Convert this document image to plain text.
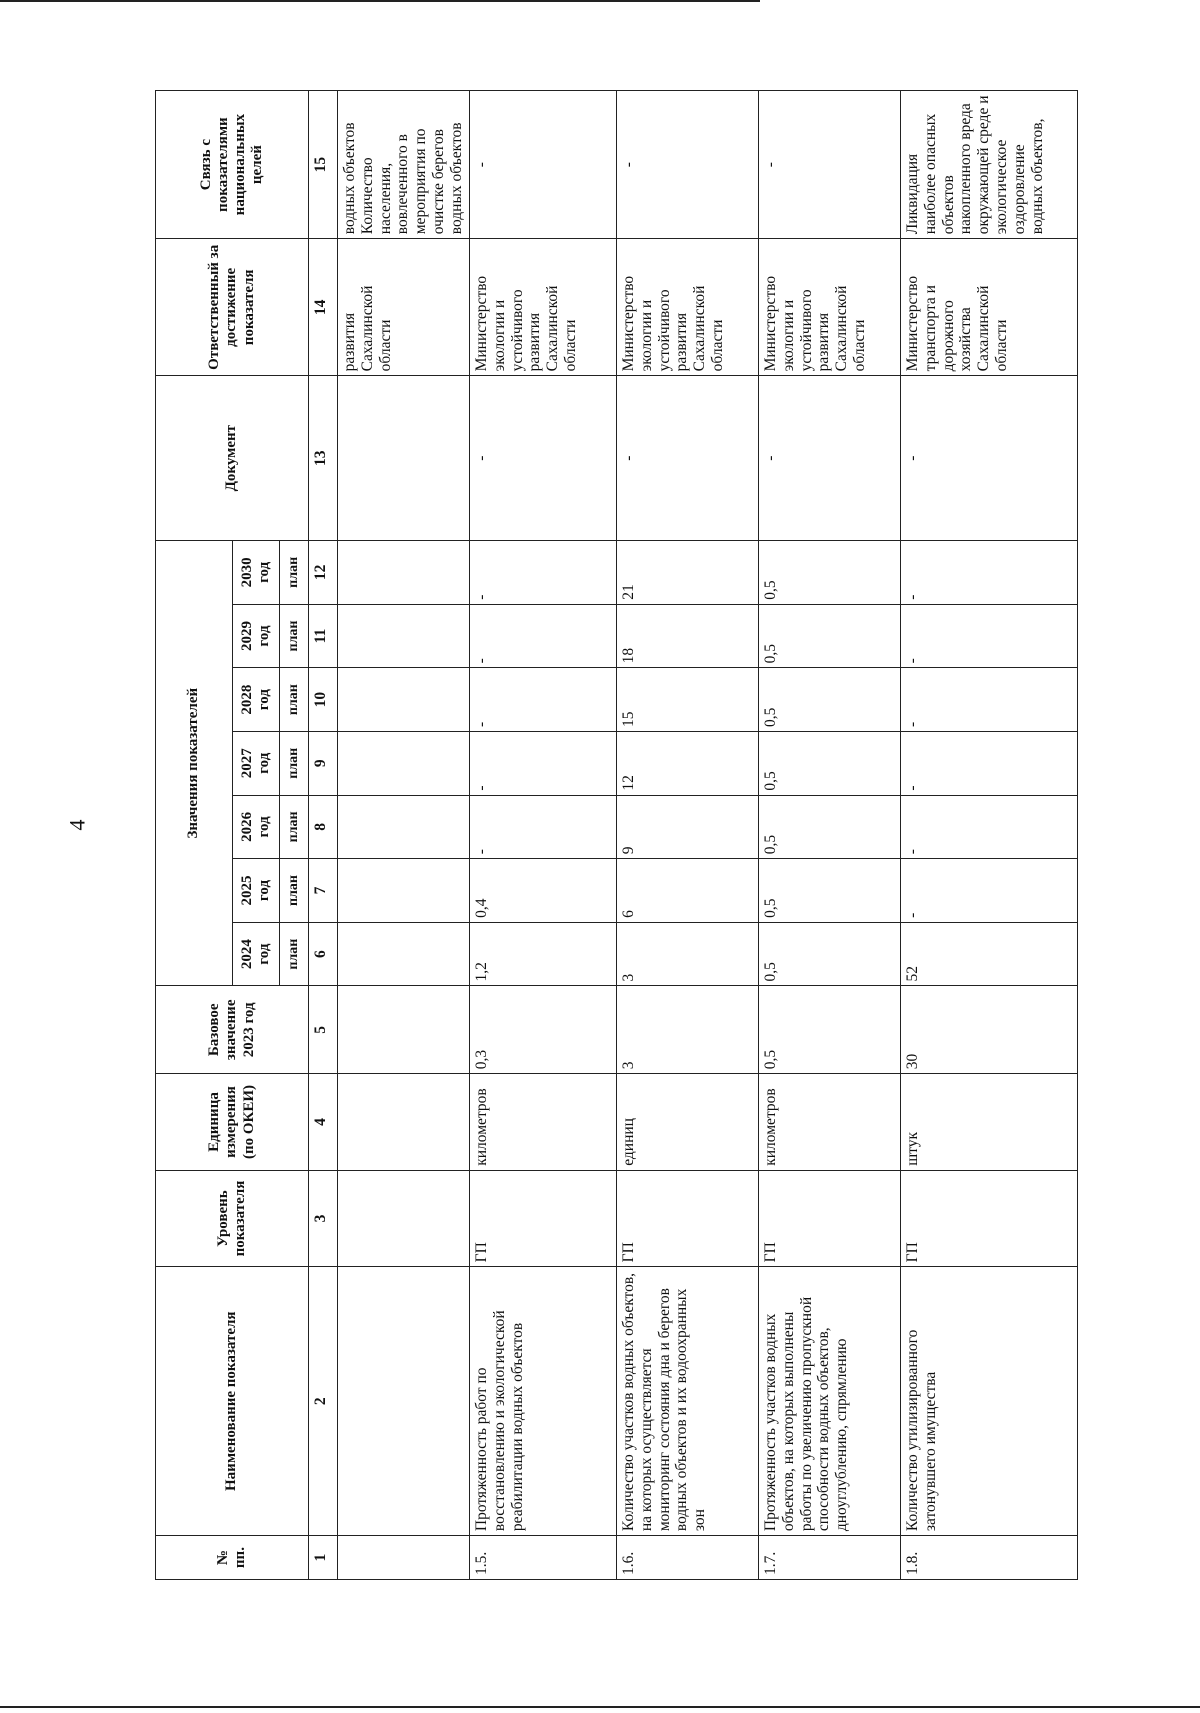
4
№ пп.	Наименование показателя	Уровень показателя	Единица измерения (по ОКЕИ)	Базовое значение 2023 год	Значения показателей							Документ	Ответственный за достижение показателя	Связь с показателями национальных целей
					2024 год	2025 год	2026 год	2027 год	2028 год	2029 год	2030 год			
					план	план	план	план	план	план	план			
1	2	3	4	5	6	7	8	9	10	11	12	13	14	15
													развития Сахалинской области	водных объектов Количество населения, вовлеченного в мероприятия по очистке берегов водных объектов
1.5.	Протяженность работ по восстановлению и экологической реабилитации водных объектов	ГП	километров	0,3	1,2	0,4	-	-	-	-	-	-	Министерство экологии и устойчивого развития Сахалинской области	-
1.6.	Количество участков водных объектов, на которых осуществляется мониторинг состояния дна и берегов водных объектов и их водоохранных зон	ГП	единиц	3	3	6	9	12	15	18	21	-	Министерство экологии и устойчивого развития Сахалинской области	-
1.7.	Протяженность участков водных объектов, на которых выполнены работы по увеличению пропускной способности водных объектов, дноуглублению, спрямлению	ГП	километров	0,5	0,5	0,5	0,5	0,5	0,5	0,5	0,5	-	Министерство экологии и устойчивого развития Сахалинской области	-
1.8.	Количество утилизированного затонувшего имущества	ГП	штук	30	52	-	-	-	-	-	-	-	Министерство транспорта и дорожного хозяйства Сахалинской области	Ликвидация наиболее опасных объектов накопленного вреда окружающей среде и экологическое оздоровление водных объектов,
